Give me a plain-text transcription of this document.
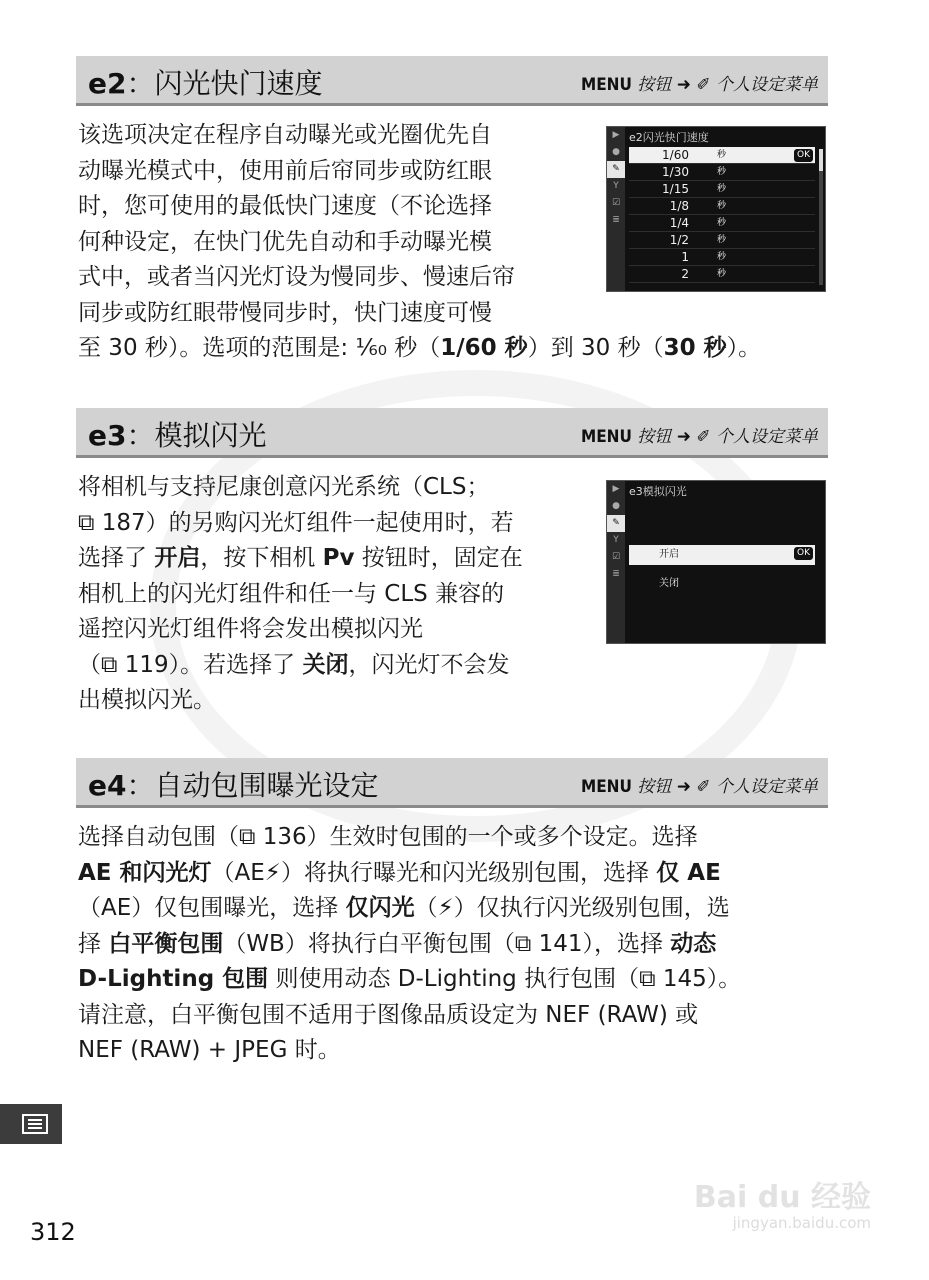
e2：闪光快门速度	MENU 按钮 ➜ ✐ 个人设定菜单
该选项决定在程序自动曝光或光圈优先自
动曝光模式中，使用前后帘同步或防红眼
时，您可使用的最低快门速度（不论选择
何种设定，在快门优先自动和手动曝光模
式中，或者当闪光灯设为慢同步、慢速后帘
同步或防红眼带慢同步时，快门速度可慢
至 30 秒）。选项的范围是: ¹⁄₆₀ 秒（1/60 秒）到 30 秒（30 秒）。
▶
●
✎
Y
☑
≣
e2闪光快门速度
1/60	秒	OK
1/30	秒
1/15	秒
1/8	秒
1/4	秒
1/2	秒
1	秒
2	秒
e3：模拟闪光	MENU 按钮 ➜ ✐ 个人设定菜单
将相机与支持尼康创意闪光系统（CLS；
⧉ 187）的另购闪光灯组件一起使用时，若
选择了 开启，按下相机 Pv 按钮时，固定在
相机上的闪光灯组件和任一与 CLS 兼容的
遥控闪光灯组件将会发出模拟闪光
（⧉ 119）。若选择了 关闭，闪光灯不会发
出模拟闪光。
▶
●
✎
Y
☑
≣
e3模拟闪光
开启	OK
关闭
e4：自动包围曝光设定	MENU 按钮 ➜ ✐ 个人设定菜单
选择自动包围（⧉ 136）生效时包围的一个或多个设定。选择
AE 和闪光灯（AE⚡）将执行曝光和闪光级别包围，选择 仅 AE
（AE）仅包围曝光，选择 仅闪光（⚡）仅执行闪光级别包围，选
择 白平衡包围（WB）将执行白平衡包围（⧉ 141），选择 动态
D-Lighting 包围 则使用动态 D-Lighting 执行包围（⧉ 145）。
请注意，白平衡包围不适用于图像品质设定为 NEF (RAW) 或
NEF (RAW) + JPEG 时。
312
Bai du 经验
jingyan.baidu.com
